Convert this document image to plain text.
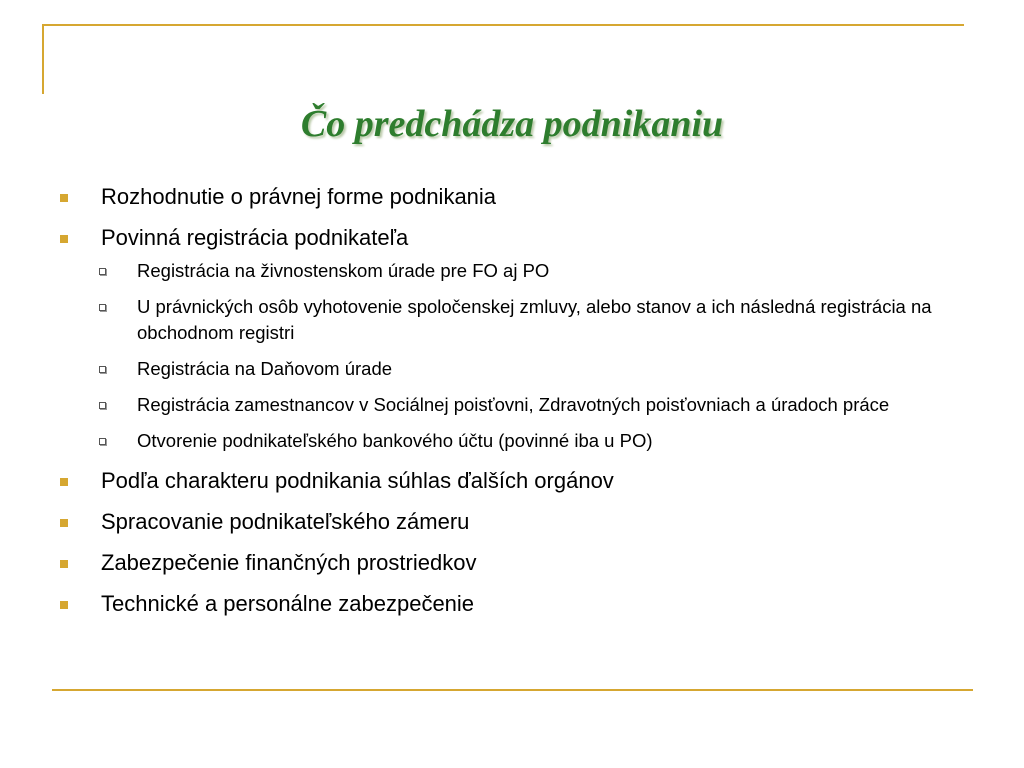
Čo predchádza podnikaniu
Rozhodnutie o právnej forme podnikania
Povinná registrácia podnikateľa
Registrácia na živnostenskom úrade pre FO aj PO
U právnických osôb vyhotovenie spoločenskej zmluvy, alebo stanov a ich následná registrácia na obchodnom registri
Registrácia na Daňovom úrade
Registrácia zamestnancov v Sociálnej poisťovni, Zdravotných poisťovniach a úradoch práce
Otvorenie podnikateľského bankového účtu (povinné iba u PO)
Podľa charakteru podnikania súhlas ďalších orgánov
Spracovanie podnikateľského zámeru
Zabezpečenie finančných prostriedkov
Technické a personálne zabezpečenie
